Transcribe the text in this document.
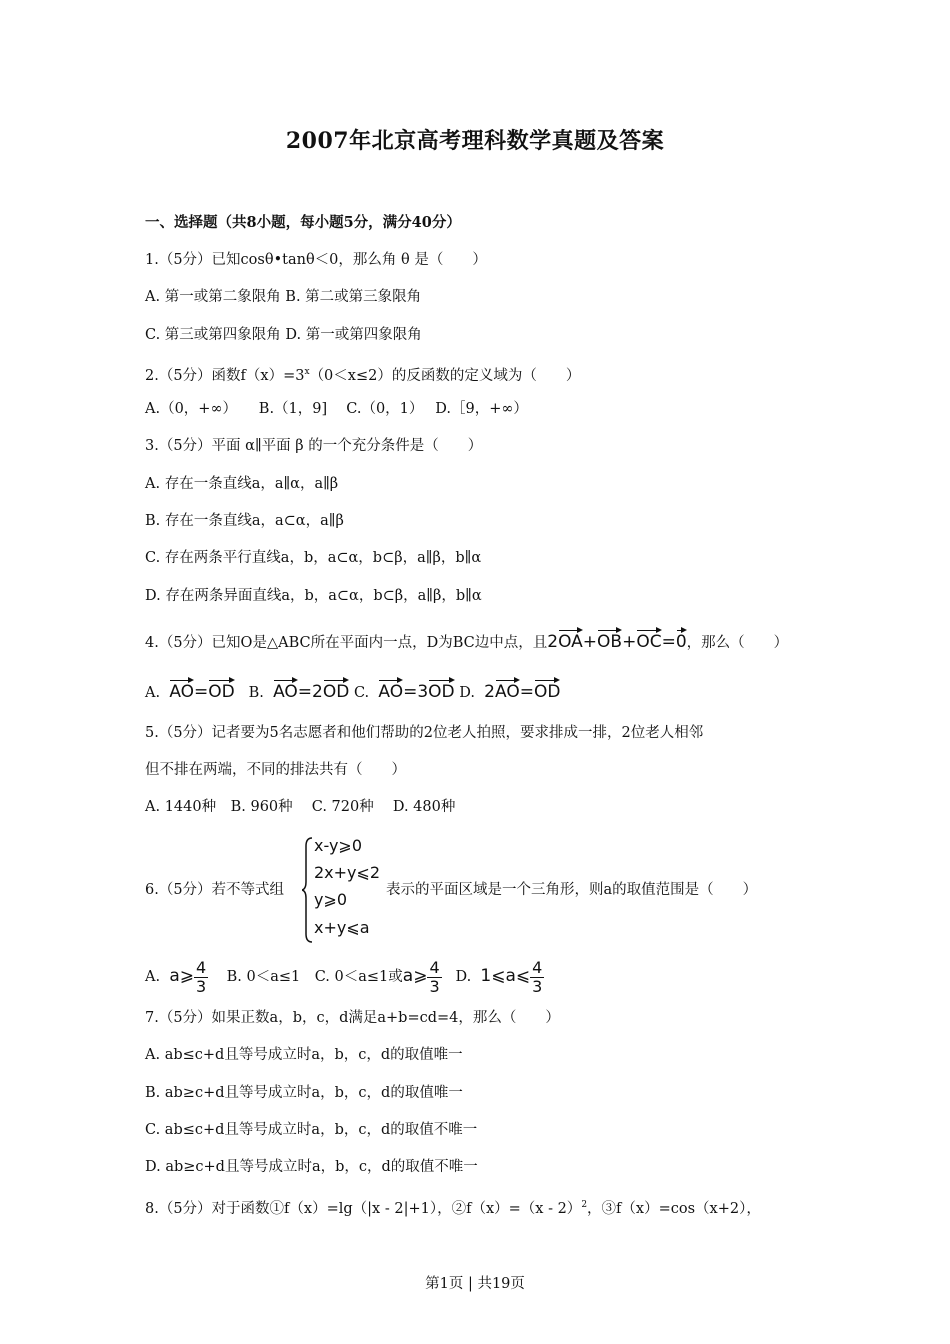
2007年北京高考理科数学真题及答案
一、选择题（共8小题，每小题5分，满分40分）
1.（5分）已知cosθ•tanθ＜0，那么角 θ 是（　　）
A. 第一或第二象限角 B. 第二或第三象限角
C. 第三或第四象限角 D. 第一或第四象限角
2.（5分）函数$f(x)=3^x(0<x\le 2)$的反函数的定义域为（　　）
A.（0，+∞）　　B.（1，9]　 C.（0，1）　 D.［9，+∞）
3.（5分）平面 α∥平面 β 的一个充分条件是（　　）
A. 存在一条直线a，a∥α，a∥β
B. 存在一条直线a，a⊂α，a∥β
C. 存在两条平行直线a，b，a⊂α，b⊂β，a∥β，b∥α
D. 存在两条异面直线a，b，a⊂α，b⊂β，a∥β，b∥α
4.（5分）已知O是△ABC所在平面内一点，D为BC边中点，且2OA+OB+OC=0，那么（　　）
A. AO=OD B. AO=2OD C. AO=3OD D. 2AO=OD
5.（5分）记者要为5名志愿者和他们帮助的2位老人拍照，要求排成一排，2位老人相邻
但不排在两端，不同的排法共有（　　）
A. 1440种　B. 960种　 C. 720种　 D. 480种
6.（5分）若不等式组
x-y⩾0
2x+y⩽2
y⩾0
x+y⩽a
表示的平面区域是一个三角形，则a的取值范围是（　　）
A. a⩾ $\frac{4}{3} B$. 0＜a≤1　C. 0＜a≤1或a⩾ $\frac{4}{3} D$. 1⩽a⩽ $\frac{4}{3}$
7.（5分）如果正数a，b，c，d满足a+b=cd=4，那么（　　）
A. ab≤c+d且等号成立时a，b，c，d的取值唯一
B. ab≥c+d且等号成立时a，b，c，d的取值唯一
C. ab≤c+d且等号成立时a，b，c，d的取值不唯一
D. ab≥c+d且等号成立时a，b，c，d的取值不唯一
8.（5分）对于函数①f（x）=lg（|x - 2|+1），②f（x）=（x - 2）$^2$，③f（x）=cos（x+2），
第1页 | 共19页
